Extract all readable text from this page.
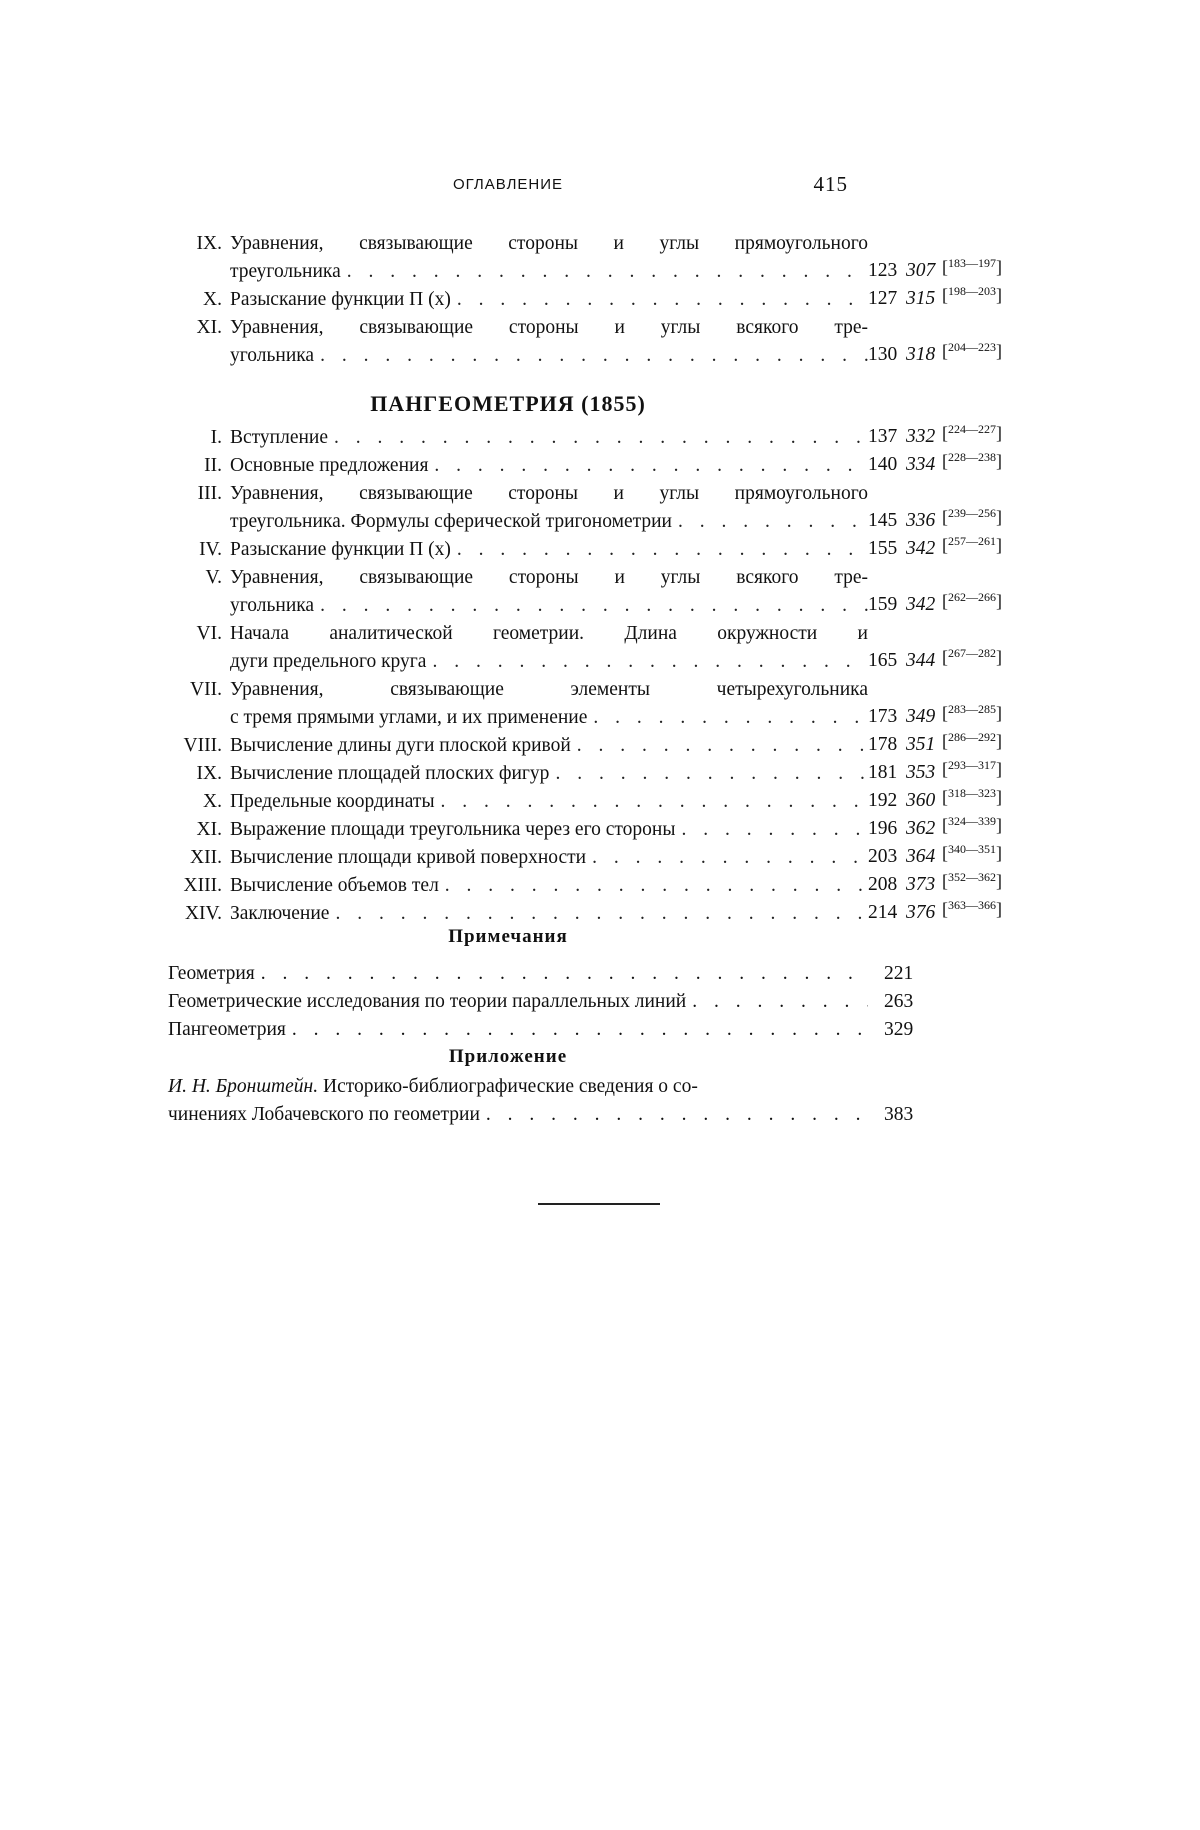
ОГЛАВЛЕНИЕ	415
IX. Уравнения, связывающие стороны и углы прямоугольного
треугольника
. . .	123 307[ 183—197 ]
X. Разыскание функции Π (x)
. . .	127 315[ 198—203 ]
XI. Уравнения, связывающие стороны и углы всякого тре-
угольника
. . .	130 318[ 204—223 ]
ПАНГЕОМЕТРИЯ (1855)
I. Вступление
. . .	137 332[ 224—227 ]
II. Основные предложения
. . .	140 334[ 228—238 ]
III. Уравнения, связывающие стороны и углы прямоугольного
треугольника. Формулы сферической тригонометрии
. . .	145 336[ 239—256 ]
IV. Разыскание функции Π (x)
. . .	155 342[ 257—261 ]
V. Уравнения, связывающие стороны и углы всякого тре-
угольника
. . .	159 342[ 262—266 ]
VI. Начала аналитической геометрии. Длина окружности и
дуги предельного круга
. . .	165 344[ 267—282 ]
VII. Уравнения, связывающие элементы четырехугольника
с тремя прямыми углами, и их применение
. . .	173 349[ 283—285 ]
VIII. Вычисление длины дуги плоской кривой
. . .	178 351[ 286—292 ]
IX. Вычисление площадей плоских фигур
. . .	181 353[ 293—317 ]
X. Предельные координаты
. . .	192 360[ 318—323 ]
XI. Выражение площади треугольника через его стороны
. . .	196 362[ 324—339 ]
XII. Вычисление площади кривой поверхности
. . .	203 364[ 340—351 ]
XIII. Вычисление объемов тел
. . .	208 373[ 352—362 ]
XIV. Заключение
. . .	214 376[ 363—366 ]
Примечания
Геометрия
. . .	221
Геометрические исследования по теории параллельных линий
. . .	263
Пангеометрия
. . .	329
Приложение
И. Н. Бронштейн. Историко-библиографические сведения о со-
чинениях Лобачевского по геометрии
. . .	383
